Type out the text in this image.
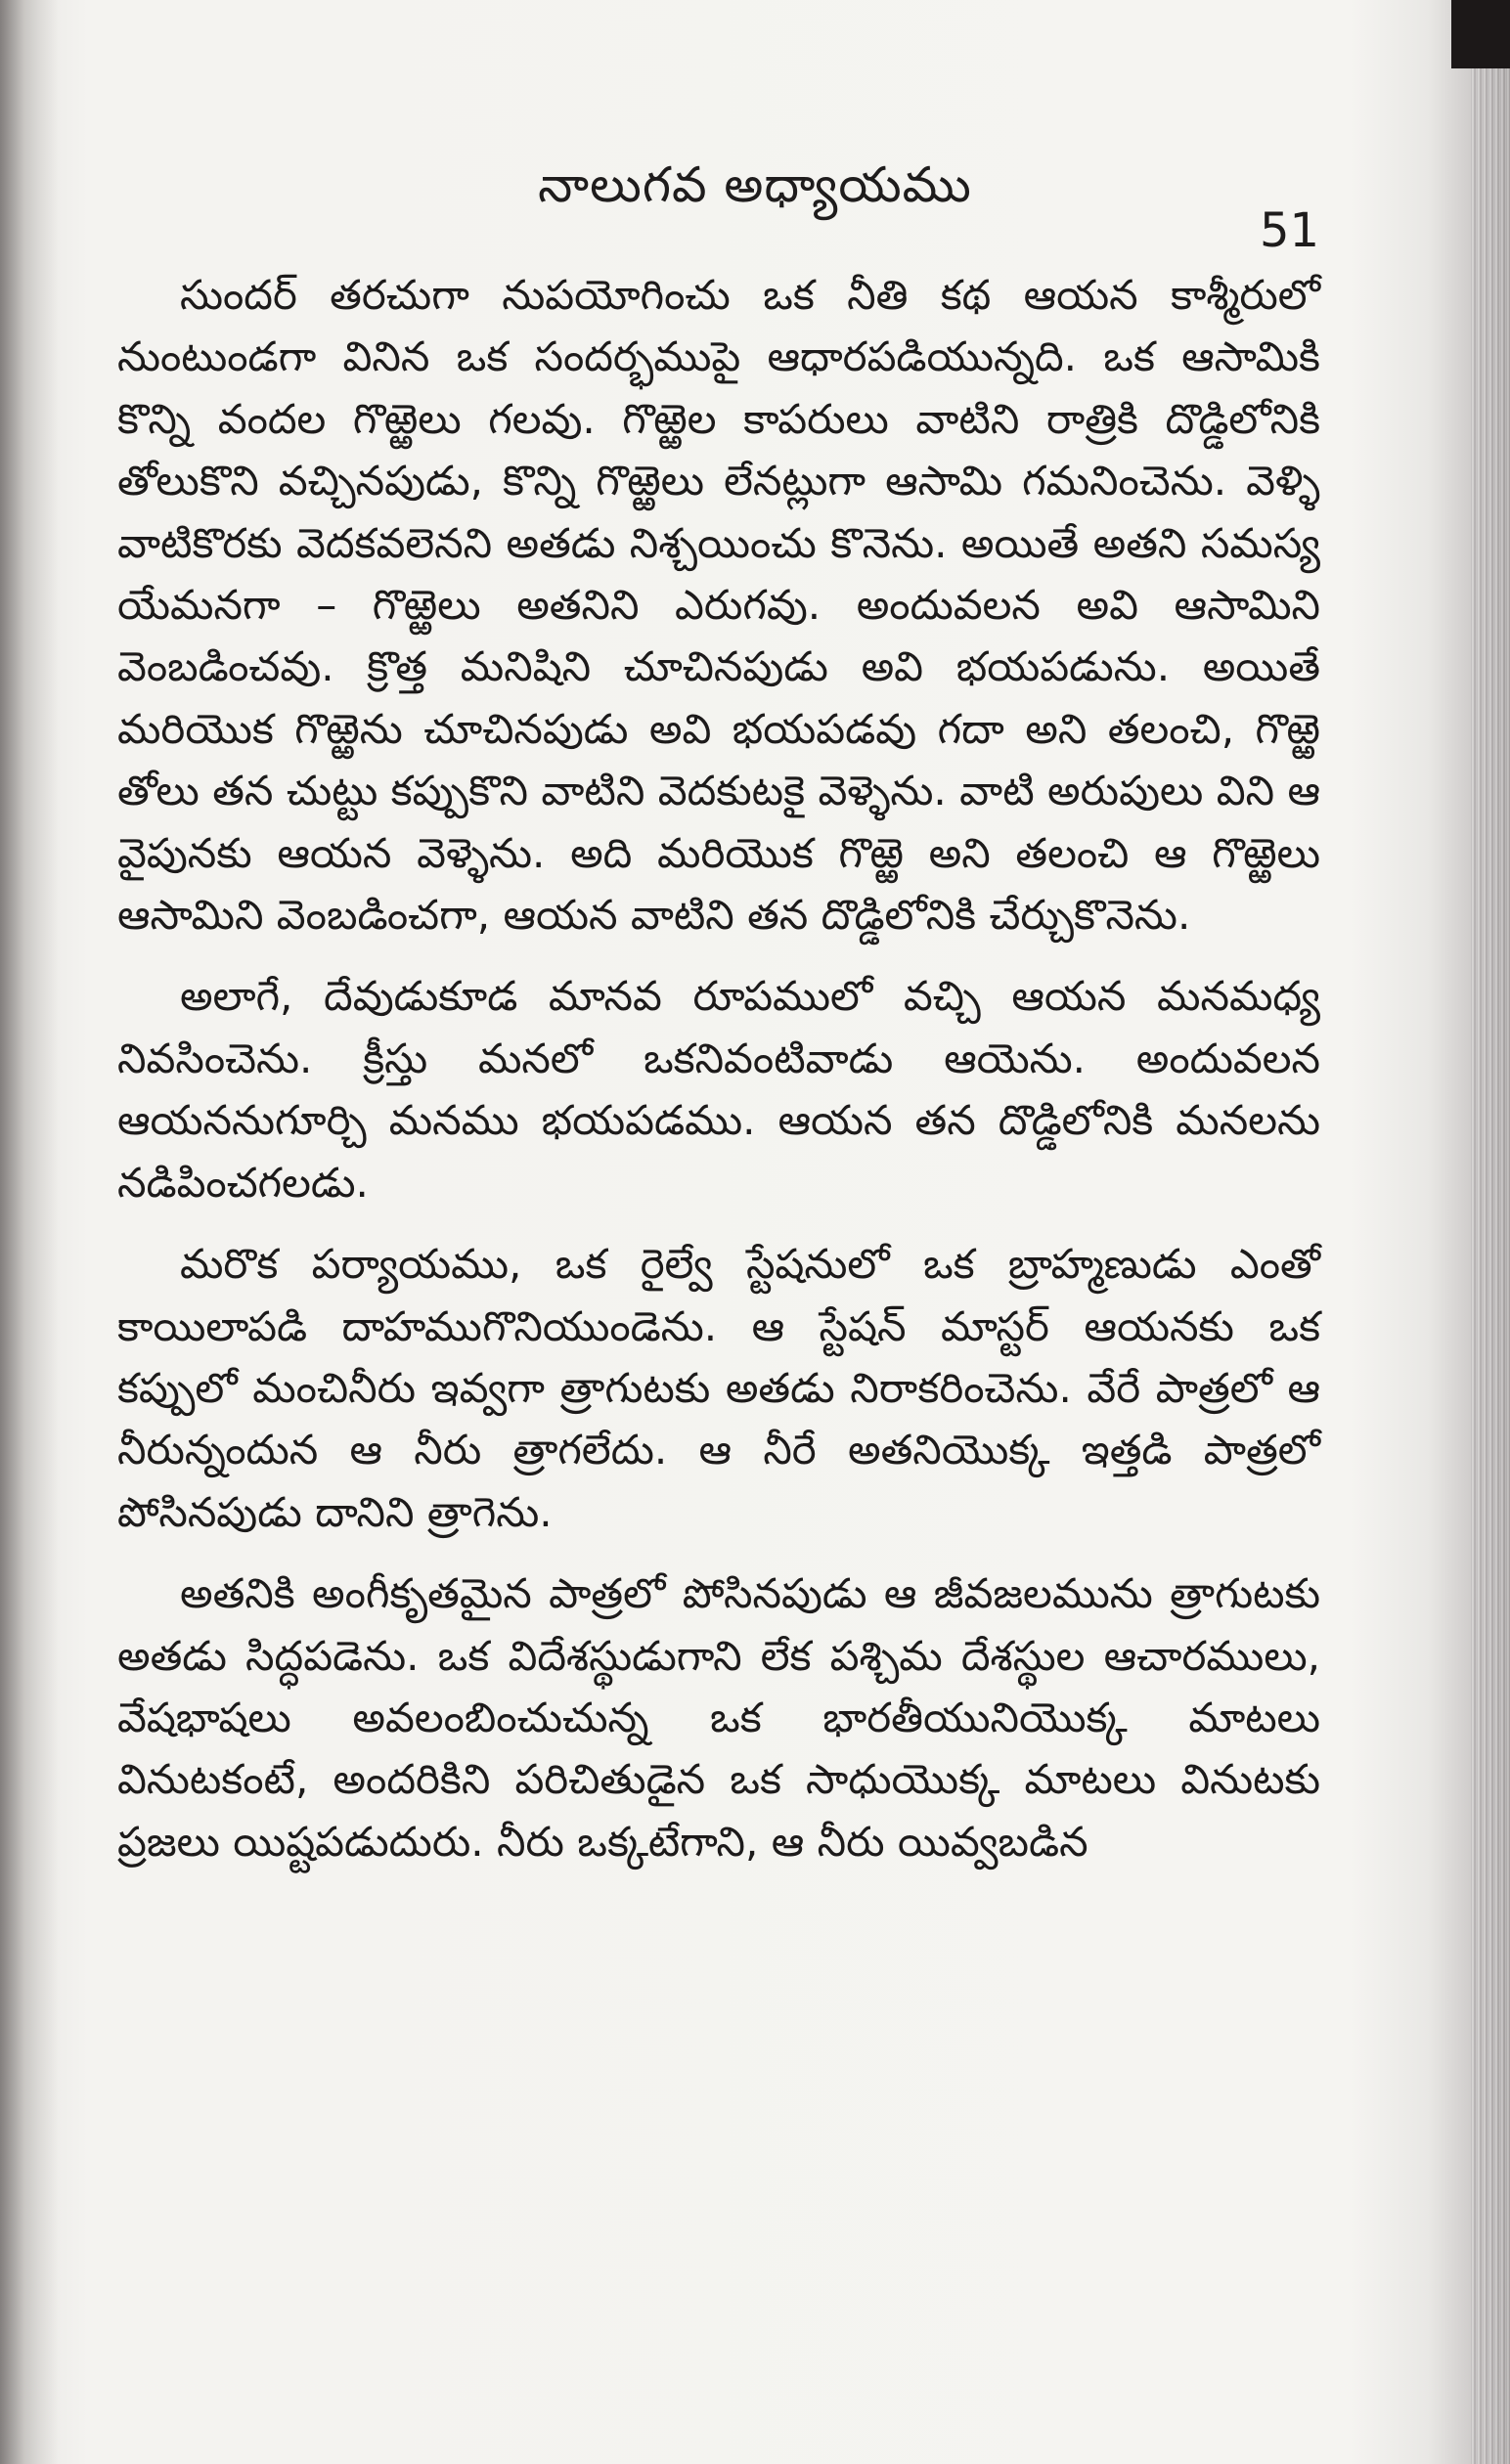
నాలుగవ అధ్యాయము
51

సుందర్ తరచుగా నుపయోగించు ఒక నీతి కథ ఆయన కాశ్మీరులో నుంటుండగా వినిన ఒక సందర్భముపై ఆధారపడియున్నది. ఒక ఆసామికి కొన్ని వందల గొఱ్ఱెలు గలవు. గొఱ్ఱెల కాపరులు వాటిని రాత్రికి దొడ్డిలోనికి తోలుకొని వచ్చినపుడు, కొన్ని గొఱ్ఱెలు లేనట్లుగా ఆసామి గమనించెను. వెళ్ళి వాటికొరకు వెదకవలెనని అతడు నిశ్చయించు కొనెను. అయితే అతని సమస్య యేమనగా – గొఱ్ఱెలు అతనిని ఎరుగవు. అందువలన అవి ఆసామిని వెంబడించవు. క్రొత్త మనిషిని చూచినపుడు అవి భయపడును. అయితే మరియొక గొఱ్ఱెను చూచినపుడు అవి భయపడవు గదా అని తలంచి, గొఱ్ఱె తోలు తన చుట్టు కప్పుకొని వాటిని వెదకుటకై వెళ్ళెను. వాటి అరుపులు విని ఆ వైపునకు ఆయన వెళ్ళెను. అది మరియొక గొఱ్ఱె అని తలంచి ఆ గొఱ్ఱెలు ఆసామిని వెంబడించగా, ఆయన వాటిని తన దొడ్డిలోనికి చేర్చుకొనెను.

అలాగే, దేవుడుకూడ మానవ రూపములో వచ్చి ఆయన మనమధ్య నివసించెను. క్రీస్తు మనలో ఒకనివంటివాడు ఆయెను. అందువలన ఆయననుగూర్చి మనము భయపడము. ఆయన తన దొడ్డిలోనికి మనలను నడిపించగలడు.

మరొక పర్యాయము, ఒక రైల్వే స్టేషనులో ఒక బ్రాహ్మణుడు ఎంతో కాయిలాపడి దాహముగొనియుండెను. ఆ స్టేషన్ మాస్టర్ ఆయనకు ఒక కప్పులో మంచినీరు ఇవ్వగా త్రాగుటకు అతడు నిరాకరించెను. వేరే పాత్రలో ఆ నీరున్నందున ఆ నీరు త్రాగలేదు. ఆ నీరే అతనియొక్క ఇత్తడి పాత్రలో పోసినపుడు దానిని త్రాగెను.

అతనికి అంగీకృతమైన పాత్రలో పోసినపుడు ఆ జీవజలమును త్రాగుటకు అతడు సిద్ధపడెను. ఒక విదేశస్థుడుగాని లేక పశ్చిమ దేశస్థుల ఆచారములు, వేషభాషలు అవలంబించుచున్న ఒక భారతీయునియొక్క మాటలు వినుటకంటే, అందరికిని పరిచితుడైన ఒక సాధుయొక్క మాటలు వినుటకు ప్రజలు యిష్టపడుదురు. నీరు ఒక్కటేగాని, ఆ నీరు యివ్వబడిన
